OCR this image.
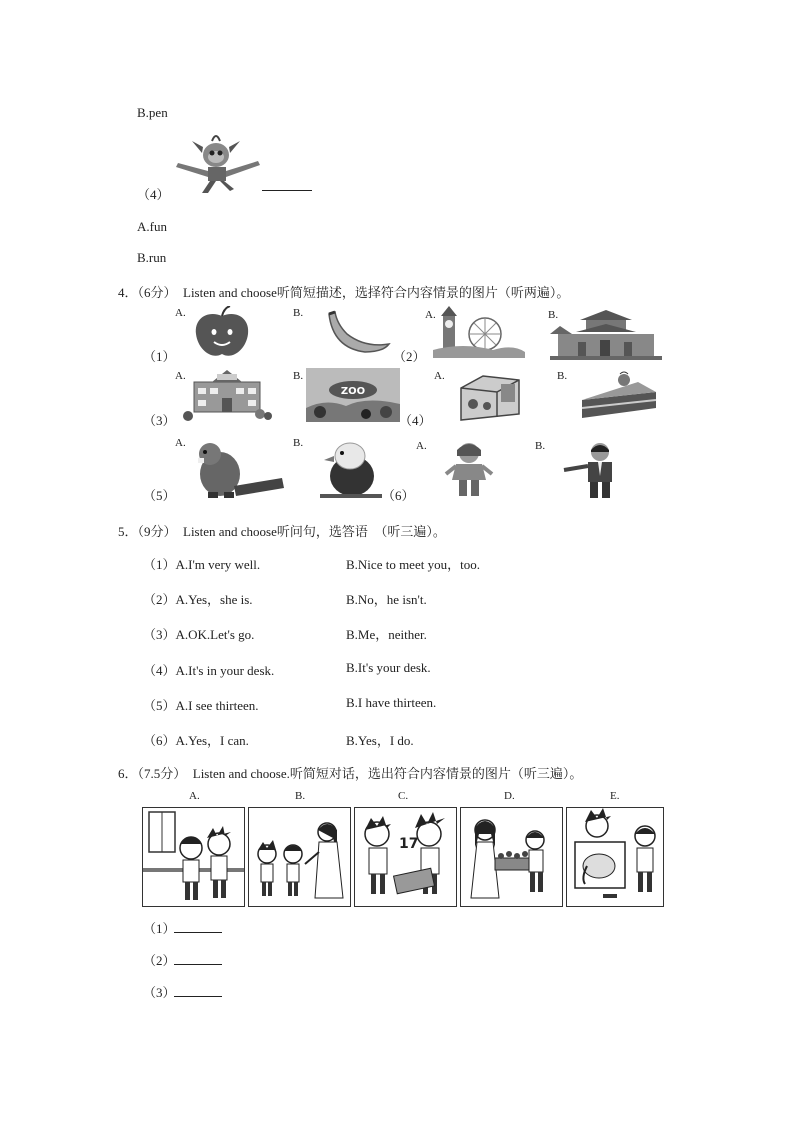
B.pen
（4）
A.fun
B.run
4．（6分）　Listen and choose听简短描述，选择符合内容情景的图片（听两遍）。
（1）
A.	B.
（2）
A.	B.
（3）
A.	B.
ZOO
（4）
A.	B.
（5）
A.	B.
（6）
A.	B.
5．（9分）　Listen and choose听问句，选答语　（听三遍）。
（1）A.I'm very well.	B.Nice to meet you，too.
（2）A.Yes，she is.	B.No，he isn't.
（3）A.OK.Let's go.	B.Me，neither.
（4）A.It's in your desk.	B.It's your desk.
（5）A.I see thirteen.	B.I have thirteen.
（6）A.Yes，I can.	B.Yes，I do.
6．（7.5分）　Listen and choose.听简短对话，选出符合内容情景的图片（听三遍）。
A.	B.	C.	D.	E.
17
（1）
（2）
（3）
